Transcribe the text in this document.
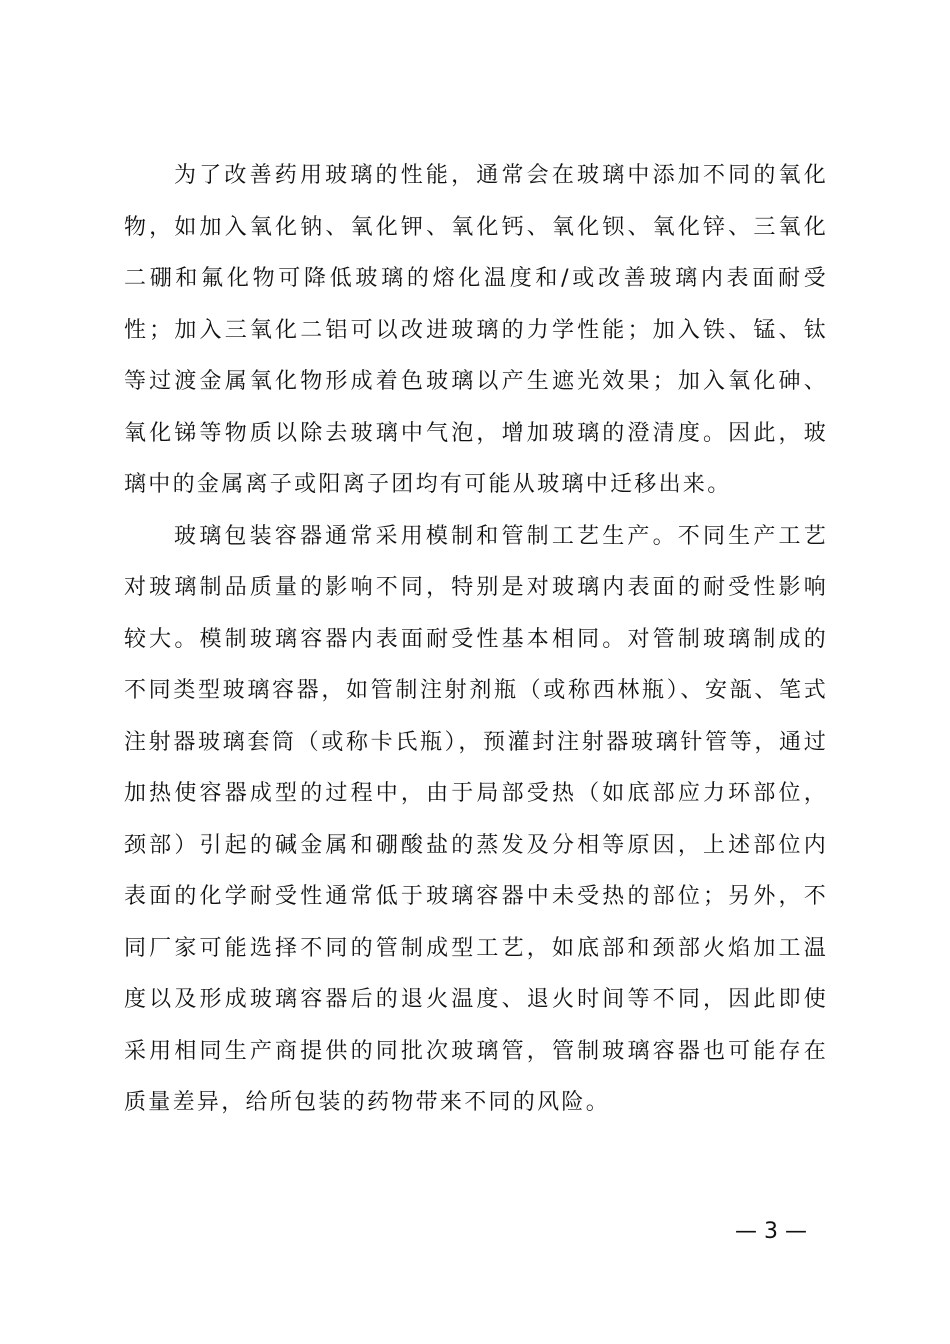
为了改善药用玻璃的性能，通常会在玻璃中添加不同的氧化物，如加入氧化钠、氧化钾、氧化钙、氧化钡、氧化锌、三氧化二硼和氟化物可降低玻璃的熔化温度和/或改善玻璃内表面耐受性；加入三氧化二铝可以改进玻璃的力学性能；加入铁、锰、钛等过渡金属氧化物形成着色玻璃以产生遮光效果；加入氧化砷、氧化锑等物质以除去玻璃中气泡，增加玻璃的澄清度。因此，玻璃中的金属离子或阳离子团均有可能从玻璃中迁移出来。

玻璃包装容器通常采用模制和管制工艺生产。不同生产工艺对玻璃制品质量的影响不同，特别是对玻璃内表面的耐受性影响较大。模制玻璃容器内表面耐受性基本相同。对管制玻璃制成的不同类型玻璃容器，如管制注射剂瓶（或称西林瓶）、安瓿、笔式注射器玻璃套筒（或称卡氏瓶），预灌封注射器玻璃针管等，通过加热使容器成型的过程中，由于局部受热（如底部应力环部位，颈部）引起的碱金属和硼酸盐的蒸发及分相等原因，上述部位内表面的化学耐受性通常低于玻璃容器中未受热的部位；另外，不同厂家可能选择不同的管制成型工艺，如底部和颈部火焰加工温度以及形成玻璃容器后的退火温度、退火时间等不同，因此即使采用相同生产商提供的同批次玻璃管，管制玻璃容器也可能存在质量差异，给所包装的药物带来不同的风险。

— 3 —
